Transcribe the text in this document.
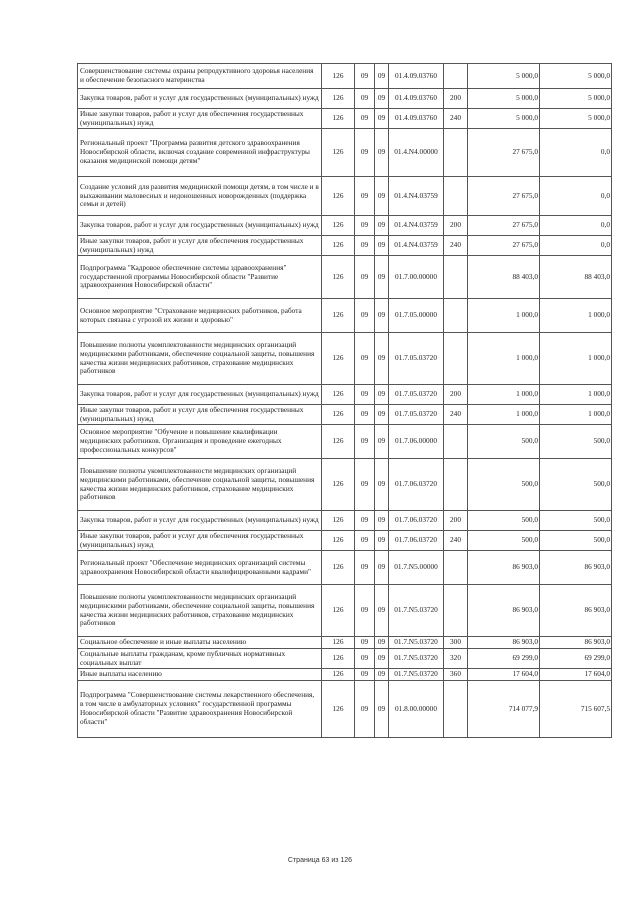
Совершенствование системы охраны репродуктивного здоровья населения и обеспечение безопасного материнства	126	09	09	01.4.09.03760		5 000,0	5 000,0
Закупка товаров, работ и услуг для государственных (муниципальных) нужд	126	09	09	01.4.09.03760	200	5 000,0	5 000,0
Иные закупки товаров, работ и услуг для обеспечения государственных (муниципальных) нужд	126	09	09	01.4.09.03760	240	5 000,0	5 000,0
Региональный проект "Программа развития детского здравоохранения Новосибирской области, включая создание современной инфраструктуры оказания медицинской помощи детям"	126	09	09	01.4.N4.00000		27 675,0	0,0
Создание условий для развития медицинской помощи детям, в том числе и в выхаживании маловесных и недоношенных новорожденных (поддержка семьи и детей)	126	09	09	01.4.N4.03759		27 675,0	0,0
Закупка товаров, работ и услуг для государственных (муниципальных) нужд	126	09	09	01.4.N4.03759	200	27 675,0	0,0
Иные закупки товаров, работ и услуг для обеспечения государственных (муниципальных) нужд	126	09	09	01.4.N4.03759	240	27 675,0	0,0
Подпрограмма "Кадровое обеспечение системы здравоохранения" государственной программы Новосибирской области "Развитие здравоохранения Новосибирской области"	126	09	09	01.7.00.00000		88 403,0	88 403,0
Основное мероприятие "Страхование медицинских работников, работа которых связана с угрозой их жизни и здоровью"	126	09	09	01.7.05.00000		1 000,0	1 000,0
Повышение полноты укомплектованности медицинских организаций медицинскими работниками, обеспечение социальной защиты, повышения качества жизни медицинских работников, страхование медицинских работников	126	09	09	01.7.05.03720		1 000,0	1 000,0
Закупка товаров, работ и услуг для государственных (муниципальных) нужд	126	09	09	01.7.05.03720	200	1 000,0	1 000,0
Иные закупки товаров, работ и услуг для обеспечения государственных (муниципальных) нужд	126	09	09	01.7.05.03720	240	1 000,0	1 000,0
Основное мероприятие "Обучение и повышение квалификации медицинских работников. Организация и проведение ежегодных профессиональных конкурсов"	126	09	09	01.7.06.00000		500,0	500,0
Повышение полноты укомплектованности медицинских организаций медицинскими работниками, обеспечение социальной защиты, повышения качества жизни медицинских работников, страхование медицинских работников	126	09	09	01.7.06.03720		500,0	500,0
Закупка товаров, работ и услуг для государственных (муниципальных) нужд	126	09	09	01.7.06.03720	200	500,0	500,0
Иные закупки товаров, работ и услуг для обеспечения государственных (муниципальных) нужд	126	09	09	01.7.06.03720	240	500,0	500,0
Региональный проект "Обеспечение медицинских организаций системы здравоохранения Новосибирской области квалифицированными кадрами"	126	09	09	01.7.N5.00000		86 903,0	86 903,0
Повышение полноты укомплектованности медицинских организаций медицинскими работниками, обеспечение социальной защиты, повышения качества жизни медицинских работников, страхование медицинских работников	126	09	09	01.7.N5.03720		86 903,0	86 903,0
Социальное обеспечение и иные выплаты населению	126	09	09	01.7.N5.03720	300	86 903,0	86 903,0
Социальные выплаты гражданам, кроме публичных нормативных социальных выплат	126	09	09	01.7.N5.03720	320	69 299,0	69 299,0
Иные выплаты населению	126	09	09	01.7.N5.03720	360	17 604,0	17 604,0
Подпрограмма "Совершенствование системы лекарственного обеспечения, в том числе в амбулаторных условиях" государственной программы Новосибирской области "Развитие здравоохранения Новосибирской области"	126	09	09	01.8.00.00000		714 077,9	715 607,5
Страница 63 из 126
